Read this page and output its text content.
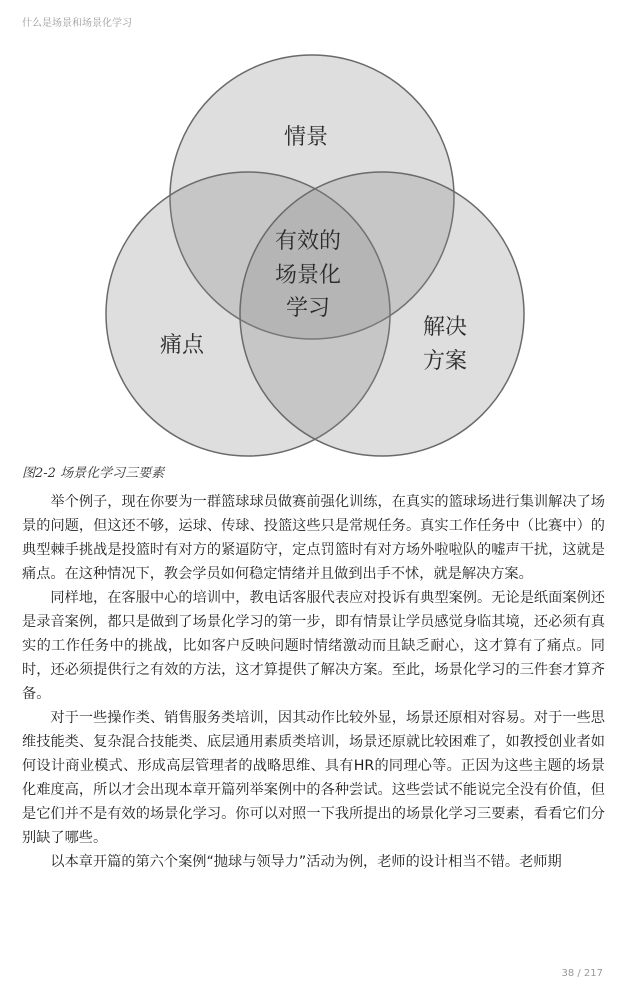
什么是场景和场景化学习
情景
痛点
解决
方案
有效的
场景化
学习
图2-2 场景化学习三要素

举个例子，现在你要为一群篮球球员做赛前强化训练，在真实的篮球场进行集训解决了场景的问题，但这还不够，运球、传球、投篮这些只是常规任务。真实工作任务中（比赛中）的典型棘手挑战是投篮时有对方的紧逼防守，定点罚篮时有对方场外啦啦队的嘘声干扰，这就是痛点。在这种情况下，教会学员如何稳定情绪并且做到出手不怵，就是解决方案。

同样地，在客服中心的培训中，教电话客服代表应对投诉有典型案例。无论是纸面案例还是录音案例，都只是做到了场景化学习的第一步，即有情景让学员感觉身临其境，还必须有真实的工作任务中的挑战，比如客户反映问题时情绪激动而且缺乏耐心，这才算有了痛点。同时，还必须提供行之有效的方法，这才算提供了解决方案。至此，场景化学习的三件套才算齐备。

对于一些操作类、销售服务类培训，因其动作比较外显，场景还原相对容易。对于一些思维技能类、复杂混合技能类、底层通用素质类培训，场景还原就比较困难了，如教授创业者如何设计商业模式、形成高层管理者的战略思维、具有HR的同理心等。正因为这些主题的场景化难度高，所以才会出现本章开篇列举案例中的各种尝试。这些尝试不能说完全没有价值，但是它们并不是有效的场景化学习。你可以对照一下我所提出的场景化学习三要素，看看它们分别缺了哪些。

以本章开篇的第六个案例“抛球与领导力”活动为例，老师的设计相当不错。老师期

38 / 217
